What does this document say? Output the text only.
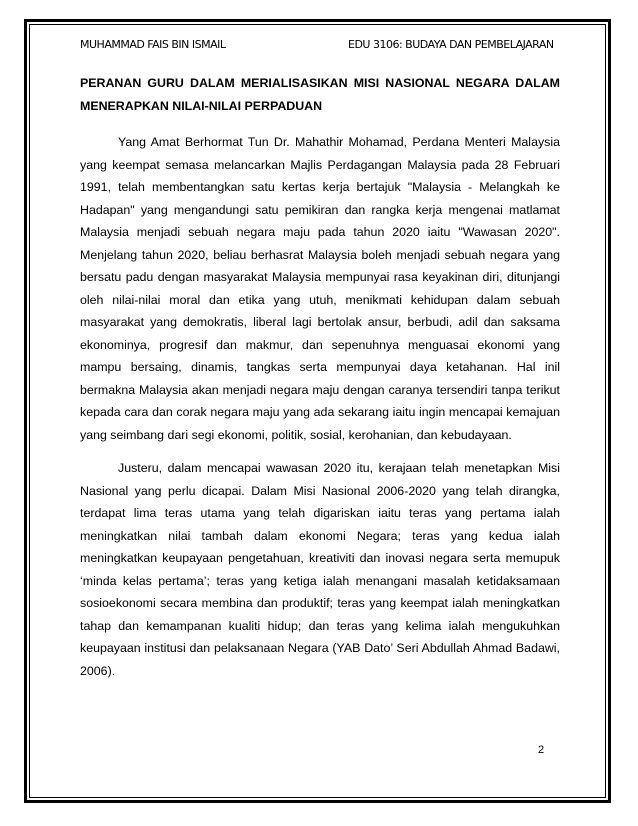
MUHAMMAD FAIS BIN ISMAIL	EDU 3106: BUDAYA DAN PEMBELAJARAN

PERANAN GURU DALAM MERIALISASIKAN MISI NASIONAL NEGARA DALAM MENERAPKAN NILAI-NILAI PERPADUAN

Yang Amat Berhormat Tun Dr. Mahathir Mohamad, Perdana Menteri Malaysia yang keempat semasa melancarkan Majlis Perdagangan Malaysia pada 28 Februari 1991, telah membentangkan satu kertas kerja bertajuk "Malaysia - Melangkah ke Hadapan" yang mengandungi satu pemikiran dan rangka kerja mengenai matlamat Malaysia menjadi sebuah negara maju pada tahun 2020 iaitu "Wawasan 2020". Menjelang tahun 2020, beliau berhasrat Malaysia boleh menjadi sebuah negara yang bersatu padu dengan masyarakat Malaysia mempunyai rasa keyakinan diri, ditunjangi oleh nilai-nilai moral dan etika yang utuh, menikmati kehidupan dalam sebuah masyarakat yang demokratis, liberal lagi bertolak ansur, berbudi, adil dan saksama ekonominya, progresif dan makmur, dan sepenuhnya menguasai ekonomi yang mampu bersaing, dinamis, tangkas serta mempunyai daya ketahanan. Hal inil bermakna Malaysia akan menjadi negara maju dengan caranya tersendiri tanpa terikut kepada cara dan corak negara maju yang ada sekarang iaitu ingin mencapai kemajuan yang seimbang dari segi ekonomi, politik, sosial, kerohanian, dan kebudayaan.

Justeru, dalam mencapai wawasan 2020 itu, kerajaan telah menetapkan Misi Nasional yang perlu dicapai. Dalam Misi Nasional 2006-2020 yang telah dirangka, terdapat lima teras utama yang telah digariskan iaitu teras yang pertama ialah meningkatkan nilai tambah dalam ekonomi Negara; teras yang kedua ialah meningkatkan keupayaan pengetahuan, kreativiti dan inovasi negara serta memupuk ‘minda kelas pertama’; teras yang ketiga ialah menangani masalah ketidaksamaan sosioekonomi secara membina dan produktif; teras yang keempat ialah meningkatkan tahap dan kemampanan kualiti hidup; dan teras yang kelima ialah mengukuhkan keupayaan institusi dan pelaksanaan Negara (YAB Dato’ Seri Abdullah Ahmad Badawi, 2006).

2
